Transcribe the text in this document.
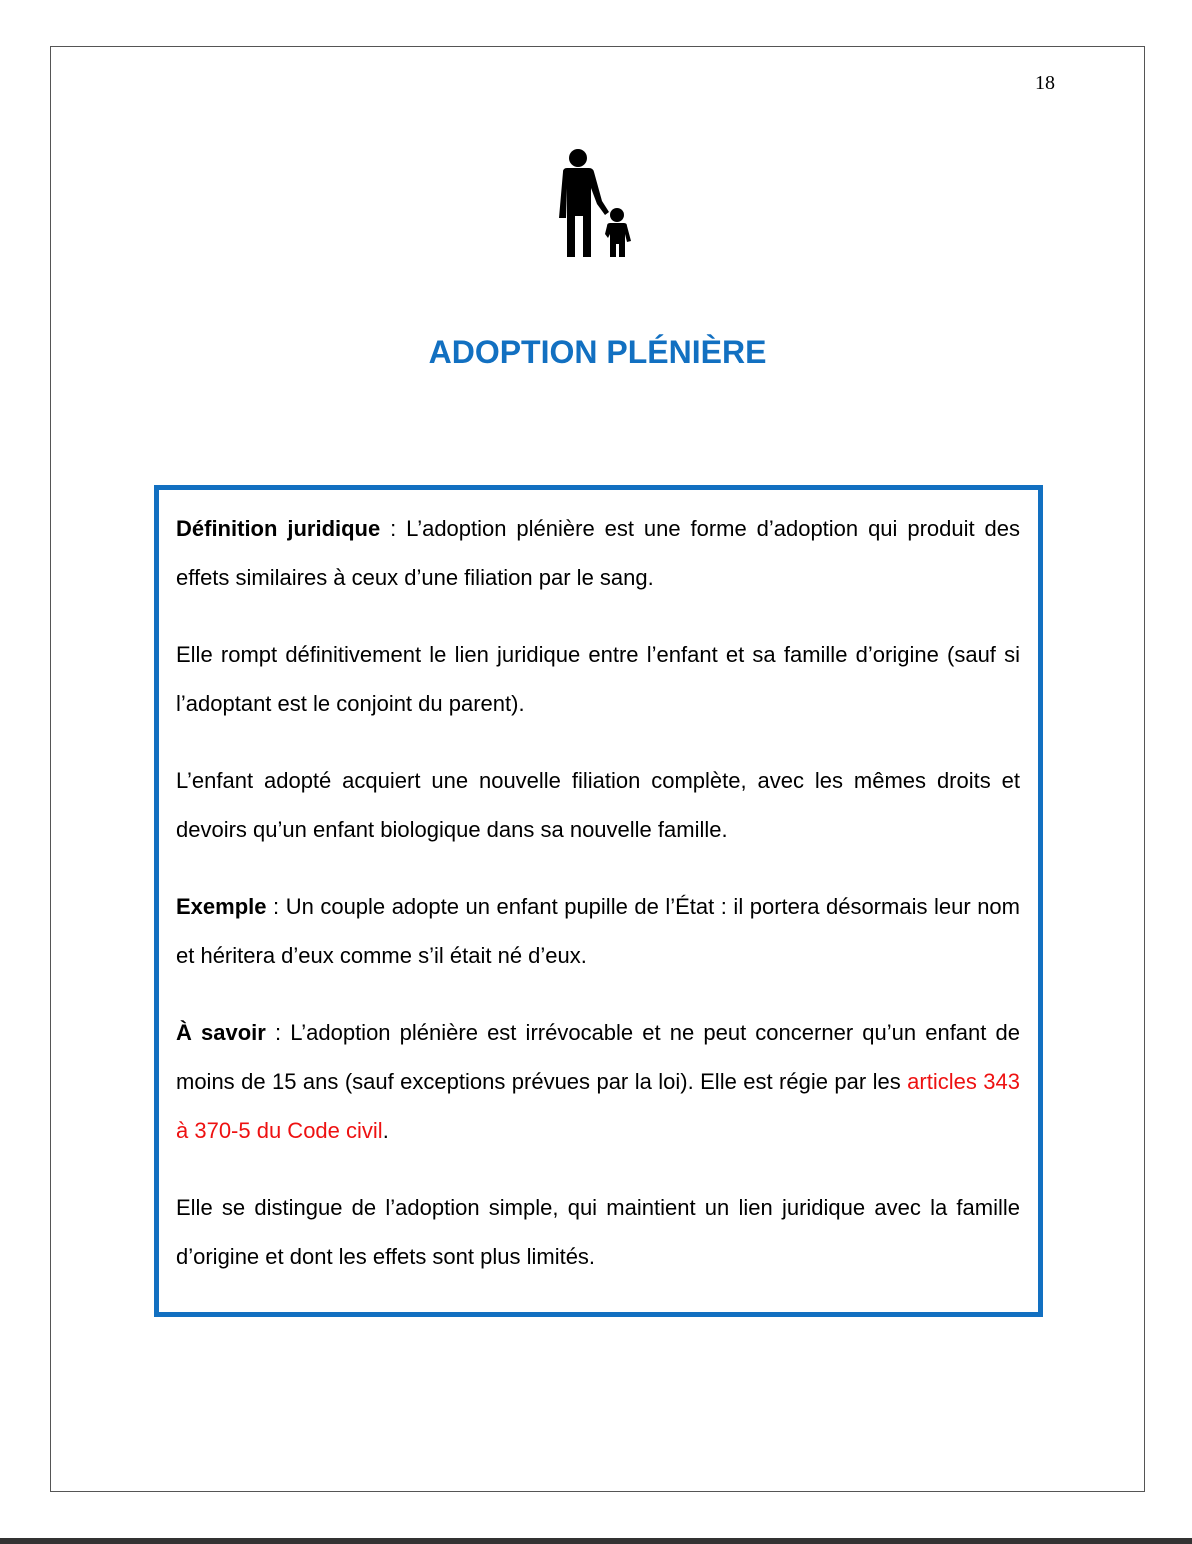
18
ADOPTION PLÉNIÈRE

Définition juridique : L’adoption plénière est une forme d’adoption qui produit des effets similaires à ceux d’une filiation par le sang.

Elle rompt définitivement le lien juridique entre l’enfant et sa famille d’origine (sauf si l’adoptant est le conjoint du parent).

L’enfant adopté acquiert une nouvelle filiation complète, avec les mêmes droits et devoirs qu’un enfant biologique dans sa nouvelle famille.

Exemple : Un couple adopte un enfant pupille de l’État : il portera désormais leur nom et héritera d’eux comme s’il était né d’eux.

À savoir : L’adoption plénière est irrévocable et ne peut concerner qu’un enfant de moins de 15 ans (sauf exceptions prévues par la loi). Elle est régie par les articles 343 à 370-5 du Code civil.

Elle se distingue de l’adoption simple, qui maintient un lien juridique avec la famille d’origine et dont les effets sont plus limités.
